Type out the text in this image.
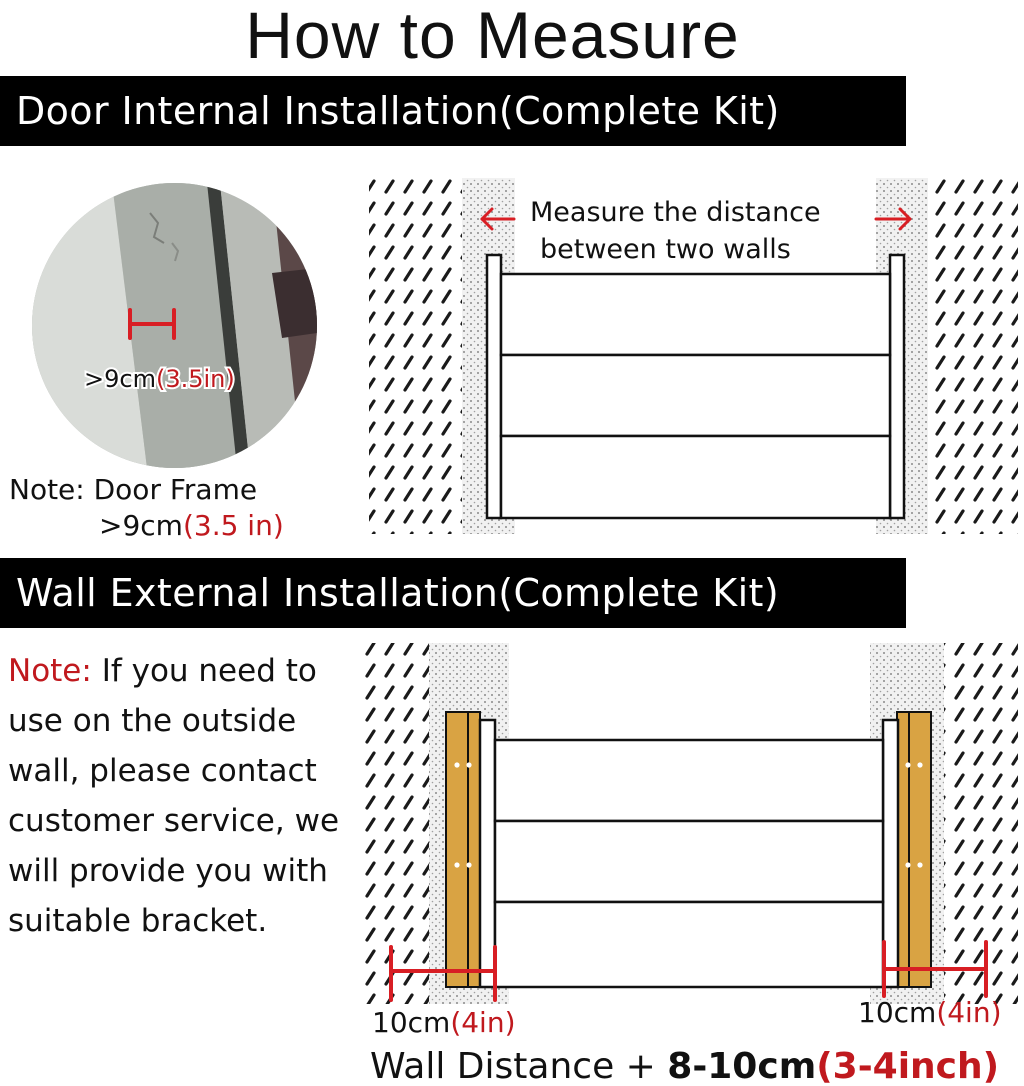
Measure the distance
between two walls
10cm(4in)	10cm(4in)
Wall Distance + 8-10cm(3-4inch)
How to Measure
Door Internal Installation(Complete Kit)
>9cm(3.5in)
Note: Door Frame
>9cm(3.5 in)
Wall External Installation(Complete Kit)
Note: If you need to use on the outside wall, please contact customer service, we will provide you with suitable bracket.
